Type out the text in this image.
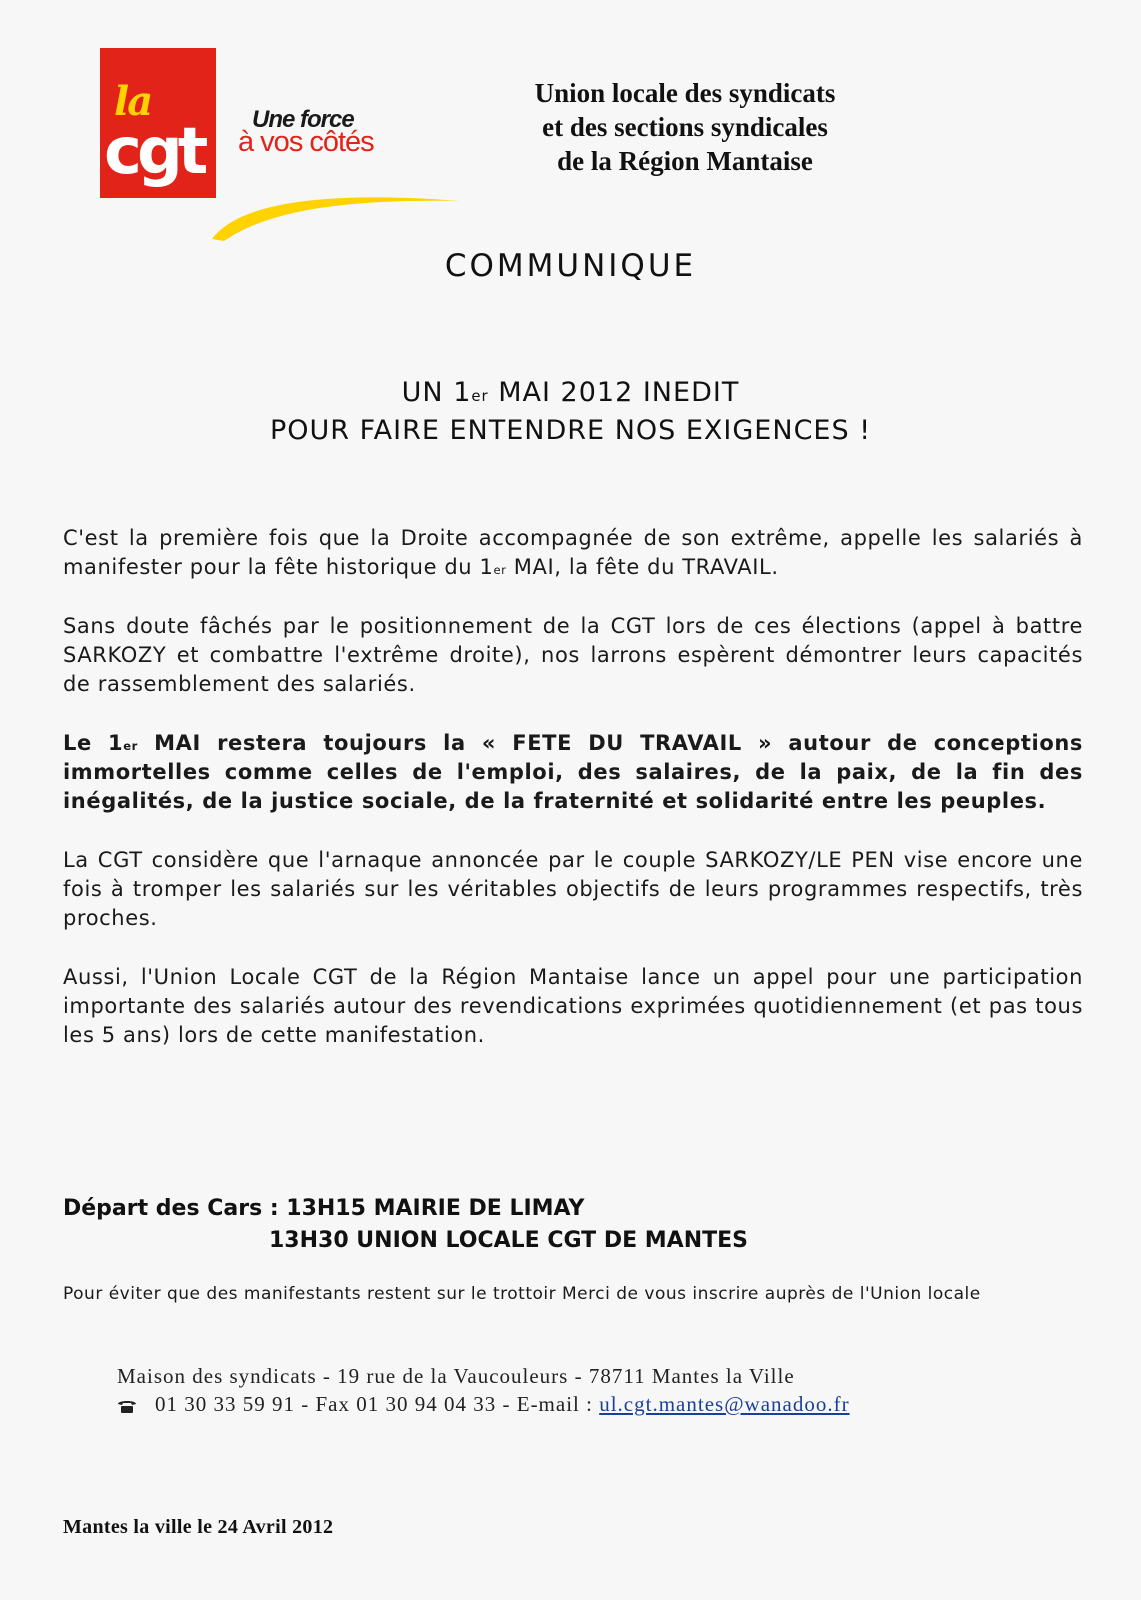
la
cgt Une force
à vos côtés
Union locale des syndicats
et des sections syndicales
de la Région Mantaise
COMMUNIQUE
UN 1er MAI 2012 INEDIT
POUR FAIRE ENTENDRE NOS EXIGENCES !

C'est la première fois que la Droite accompagnée de son extrême, appelle les salariés à manifester pour la fête historique du 1er MAI, la fête du TRAVAIL.

Sans doute fâchés par le positionnement de la CGT lors de ces élections (appel à battre SARKOZY et combattre l'extrême droite), nos larrons espèrent démontrer leurs capacités de rassemblement des salariés.

Le 1er MAI restera toujours la « FETE DU TRAVAIL » autour de conceptions immortelles comme celles de l'emploi, des salaires, de la paix, de la fin des inégalités, de la justice sociale, de la fraternité et solidarité entre les peuples.

La CGT considère que l'arnaque annoncée par le couple SARKOZY/LE PEN vise encore une fois à tromper les salariés sur les véritables objectifs de leurs programmes respectifs, très proches.

Aussi, l'Union Locale CGT de la Région Mantaise lance un appel pour une participation importante des salariés autour des revendications exprimées quotidiennement (et pas tous les 5 ans) lors de cette manifestation.

Départ des Cars : 13H15 MAIRIE DE LIMAY
13H30 UNION LOCALE CGT DE MANTES
Pour éviter que des manifestants restent sur le trottoir Merci de vous inscrire auprès de l'Union locale
Maison des syndicats - 19 rue de la Vaucouleurs - 78711 Mantes la Ville
01 30 33 59 91 - Fax 01 30 94 04 33 - E-mail : ul.cgt.mantes@wanadoo.fr
Mantes la ville le 24 Avril 2012
